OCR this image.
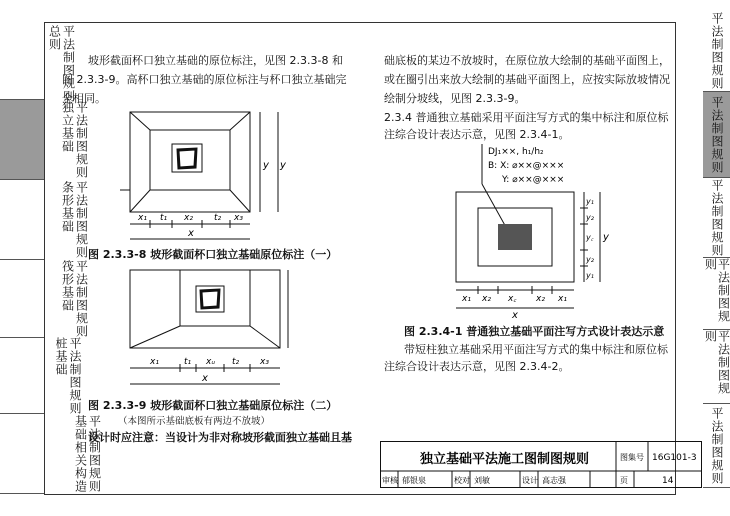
平法制图规则
总则
平法制图规则
独立基础
平法制图规则
条形基础
平法制图规则
筏形基础
平法制图规则
桩基础
平法制图规则
基础相关构造
平法制图规则
平法制图规则
平法制图规则
平法制图规则
平法制图规则
平法制图规则
坡形截面杯口独立基础的原位标注，见图 2.3.3-8 和
图 2.3.3-9。高杯口独立基础的原位标注与杯口独立基础完
全相同。
x₁ t₁ x₂ t₂ x₃
x
y y
图 2.3.3-8 坡形截面杯口独立基础原位标注（一）
x₁	t₁ xᵤ t₂ x₃
x
图 2.3.3-9 坡形截面杯口独立基础原位标注（二）
（本图所示基础底板有两边不放坡）
设计时应注意：当设计为非对称坡形截面独立基础且基
础底板的某边不放坡时，在原位放大绘制的基础平面图上，
或在圈引出来放大绘制的基础平面图上，应按实际放坡情况
绘制分坡线，见图 2.3.3-9。
2.3.4 普通独立基础采用平面注写方式的集中标注和原位标
注综合设计表达示意，见图 2.3.4-1。
DJ₁××, h₁/h₂
B: X: ⌀××@×××
Y: ⌀××@×××
x₁ x₂ x꜀ x₂ x₁
x
y₁
y₂
y꜀
y₂
y₁
y
图 2.3.4-1 普通独立基础平面注写方式设计表达示意
带短柱独立基础采用平面注写方式的集中标注和原位标
注综合设计表达示意，见图 2.3.4-2。
独立基础平法施工图制图规则	图集号 16G101-3
审核 郁银泉	校对 刘敏	设计 高志强	页	14
